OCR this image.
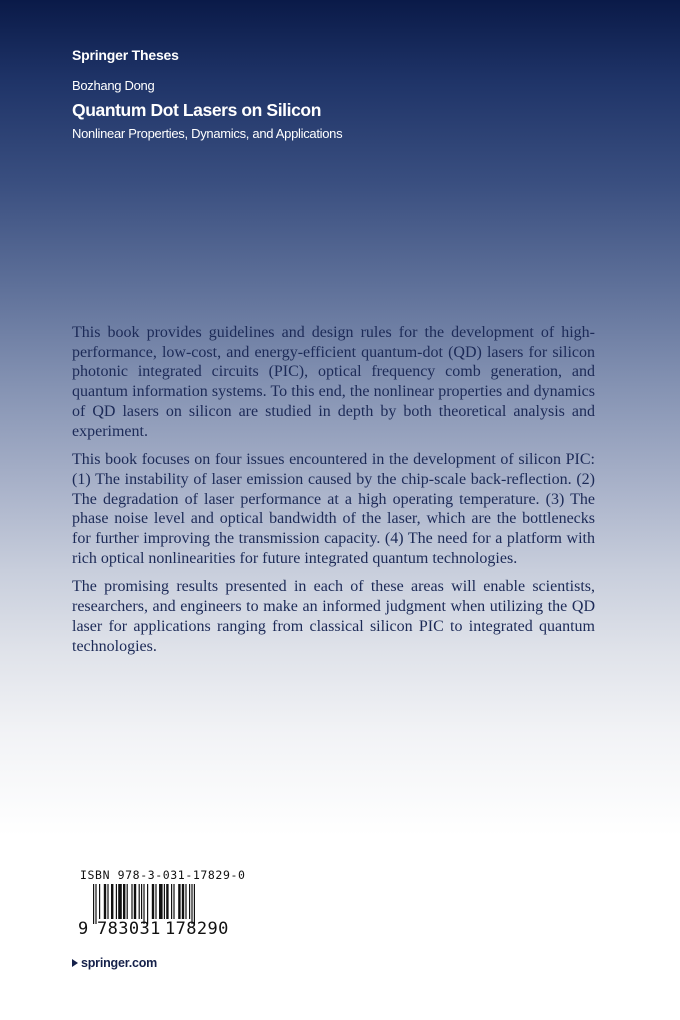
Springer Theses
Bozhang Dong
Quantum Dot Lasers on Silicon
Nonlinear Properties, Dynamics, and Applications

This book provides guidelines and design rules for the development of high-performance, low-cost, and energy-efficient quantum-dot (QD) lasers for silicon photonic integrated circuits (PIC), optical frequency comb generation, and quantum information systems. To this end, the nonlinear properties and dynamics of QD lasers on silicon are studied in depth by both theoretical analysis and experiment.

This book focuses on four issues encountered in the development of silicon PIC: (1) The instability of laser emission caused by the chip-scale back-reflection. (2) The degradation of laser performance at a high operating temperature. (3) The phase noise level and optical bandwidth of the laser, which are the bottlenecks for further improving the transmission capacity. (4) The need for a platform with rich optical nonlinearities for future integrated quantum technologies.

The promising results presented in each of these areas will enable scientists, researchers, and engineers to make an informed judgment when utilizing the QD laser for applications ranging from classical silicon PIC to integrated quantum technologies.

ISBN 978-3-031-17829-0
9 783031 178290
springer.com
